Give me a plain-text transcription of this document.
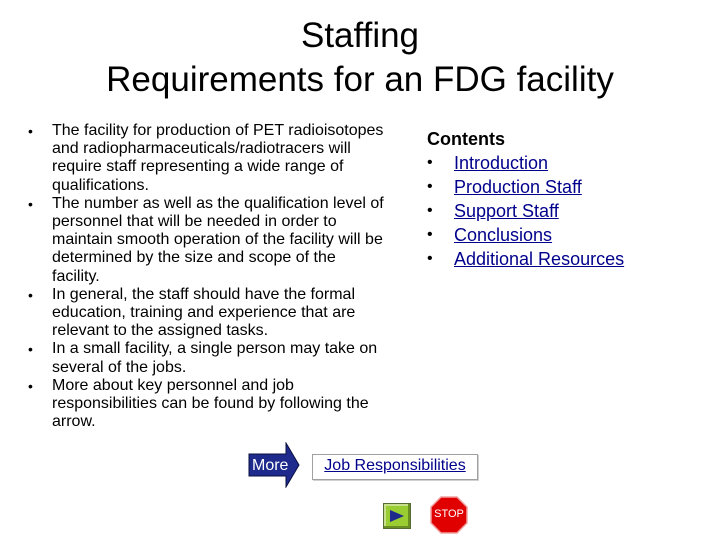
Staffing
Requirements for an FDG facility
• The facility for production of PET radioisotopes and radiopharmaceuticals/radiotracers will require staff representing a wide range of qualifications.
• The number as well as the qualification level of personnel that will be needed in order to maintain smooth operation of the facility will be determined by the size and scope of the facility.
• In general, the staff should have the formal education, training and experience that are relevant to the assigned tasks.
• In a small facility, a single person may take on several of the jobs.
• More about key personnel and job responsibilities can be found by following the arrow.
Contents
• Introduction
• Production Staff
• Support Staff
• Conclusions
• Additional Resources
More	Job Responsibilities
STOP
